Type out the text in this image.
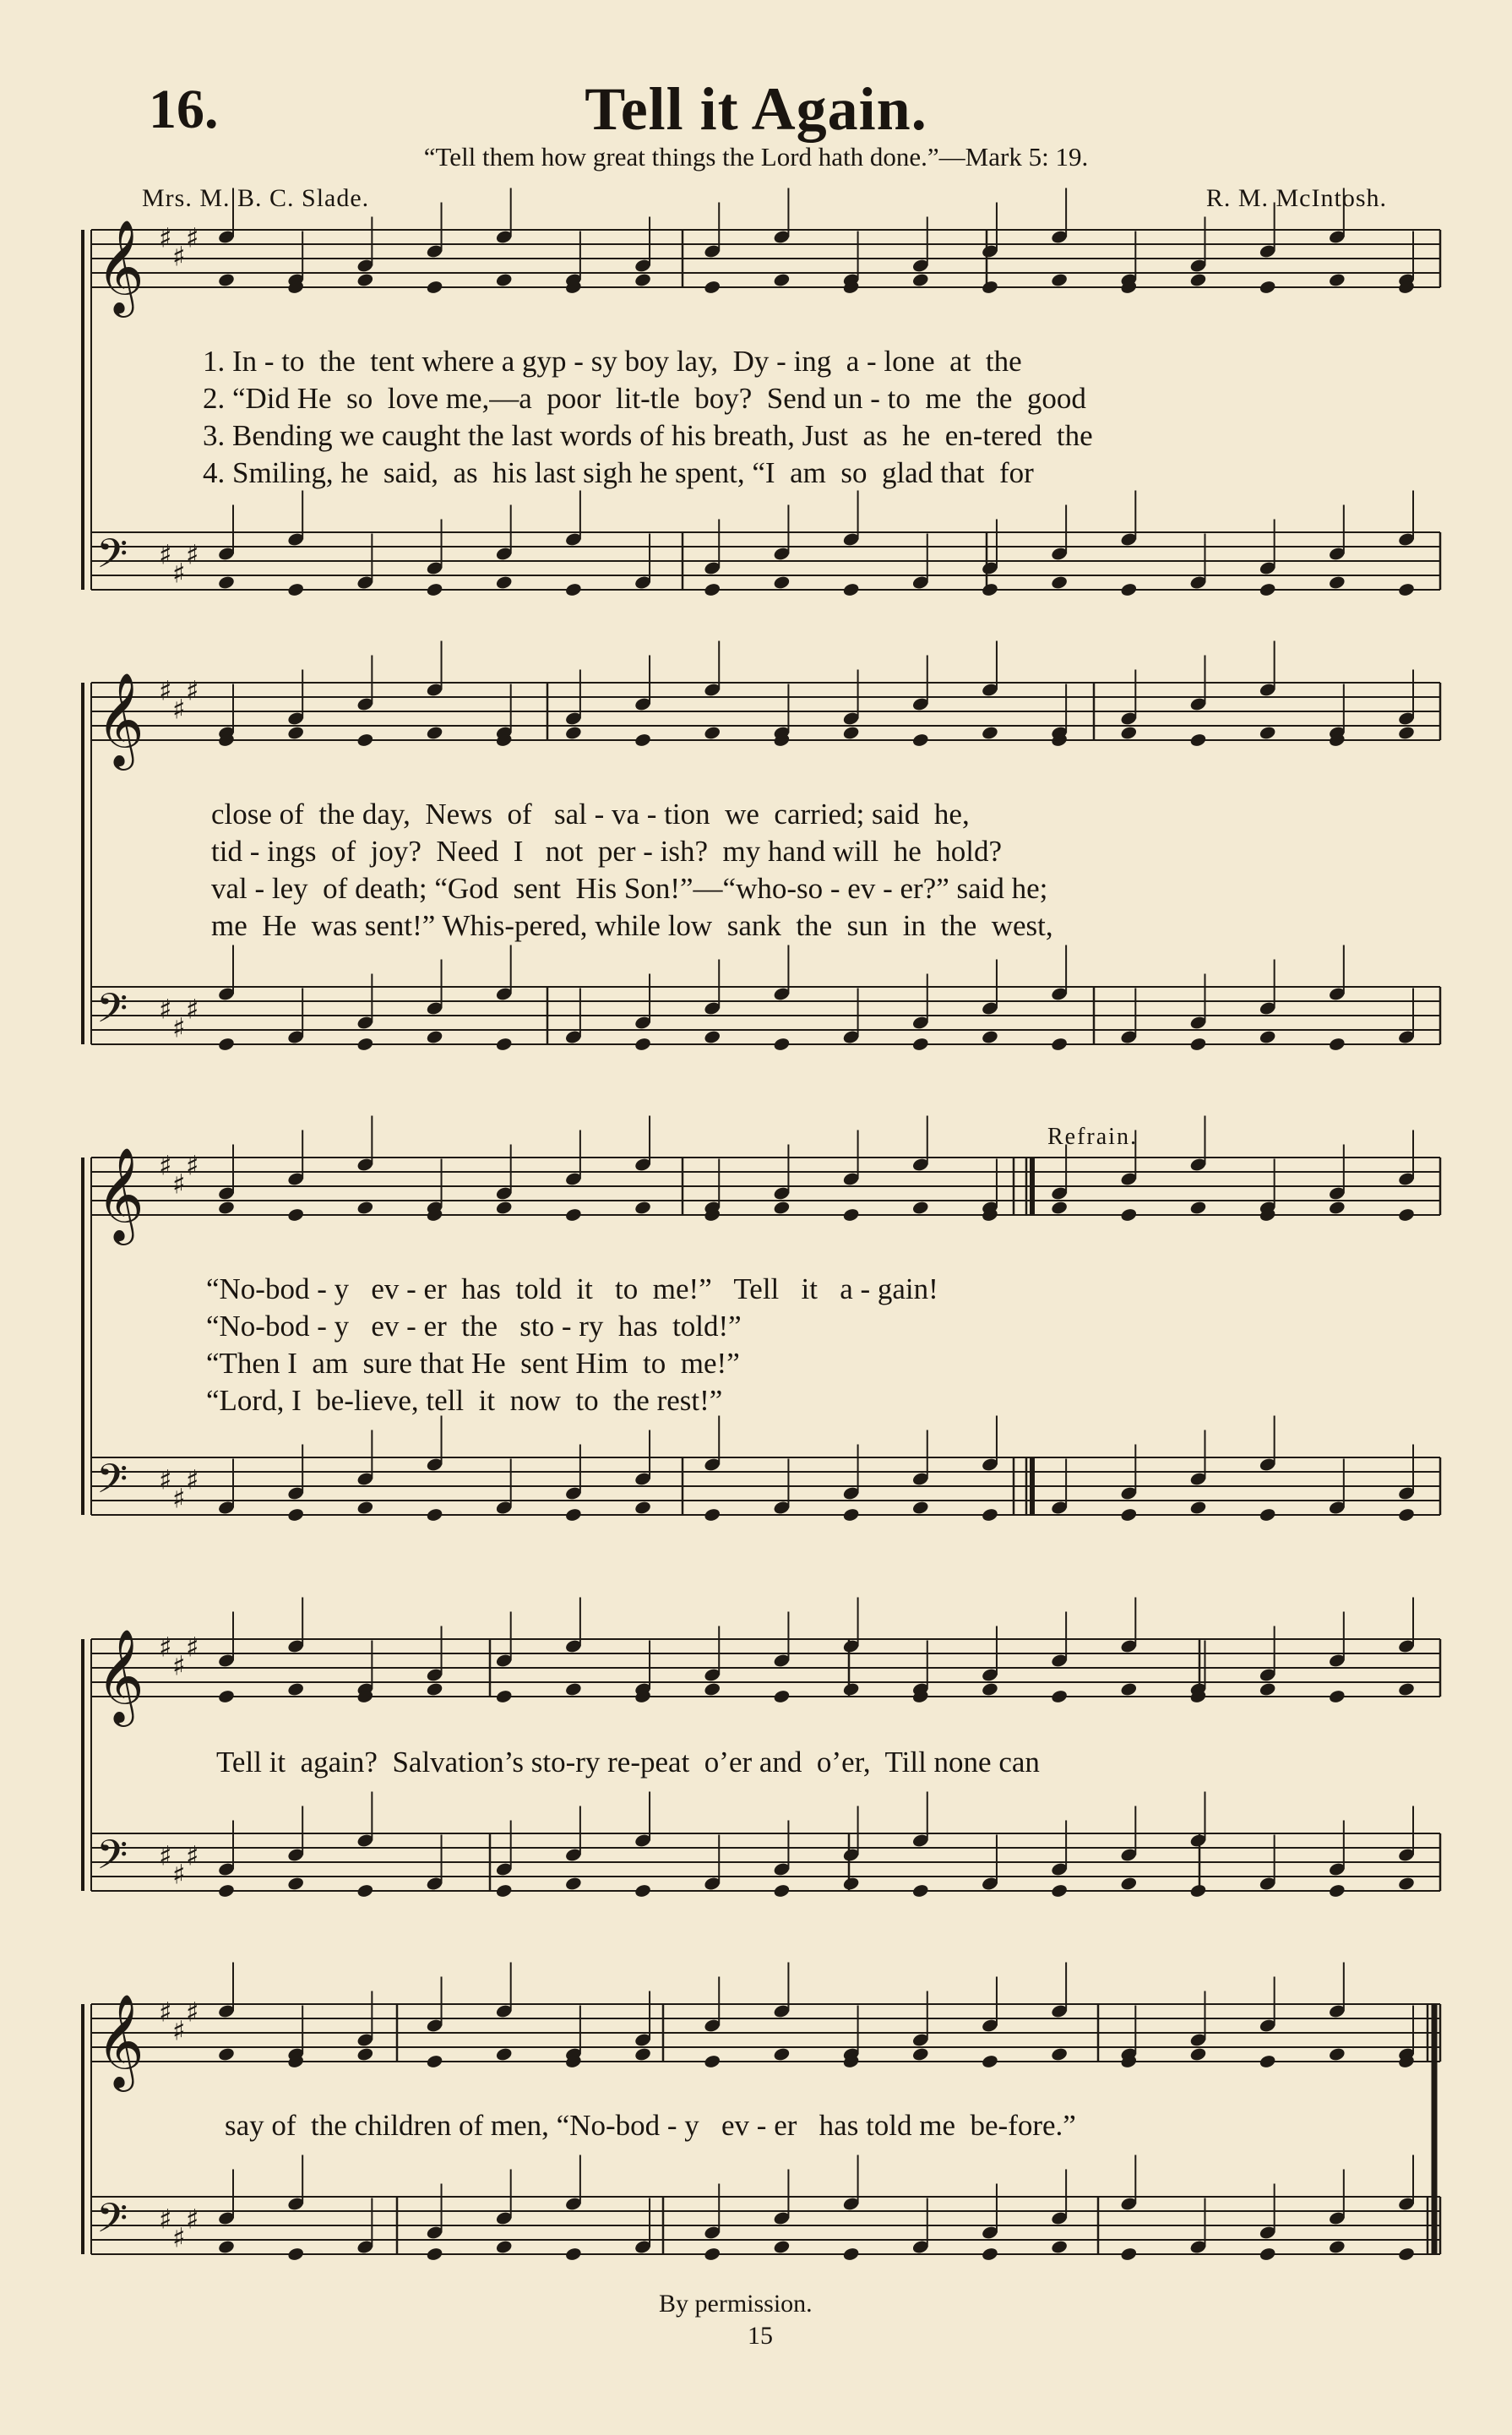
16.	Tell it Again.
“Tell them how great things the Lord hath done.”—Mark 5: 19.
Mrs. M. B. C. Slade.	R. M. McIntosh.
𝄞 ♯
♯
♯
𝄢 ♯
♯
♯
𝄞 ♯
♯
♯
𝄢 ♯
♯
♯
𝄞 ♯
♯
♯
𝄢 ♯
♯
♯
𝄞 ♯
♯
♯
𝄢 ♯
♯
♯
𝄞 ♯
♯
♯
𝄢 ♯
♯
♯
1. In - to  the  tent where a gyp - sy boy lay,  Dy - ing  a - lone  at  the
2. “Did He  so  love me,—a  poor  lit-tle  boy?  Send un - to  me  the  good
3. Bending we caught the last words of his breath, Just  as  he  en-tered  the
4. Smiling, he  said,  as  his last sigh he spent, “I  am  so  glad that  for
close of  the day,  News  of   sal - va - tion  we  carried; said  he,
tid - ings  of  joy?  Need  I   not  per - ish?  my hand will  he  hold?
val - ley  of death; “God  sent  His Son!”—“who-so - ev - er?” said he;
me  He  was sent!” Whis-pered, while low  sank  the  sun  in  the  west,
Refrain.
“No-bod - y   ev - er  has  told  it   to  me!”   Tell   it   a - gain!
“No-bod - y   ev - er  the   sto - ry  has  told!”
“Then I  am  sure that He  sent Him  to  me!”
“Lord, I  be-lieve, tell  it  now  to  the rest!”
Tell it  again?  Salvation’s sto-ry re-peat  o’er and  o’er,  Till none can
say of  the children of men, “No-bod - y   ev - er   has told me  be-fore.”
By permission.
15
